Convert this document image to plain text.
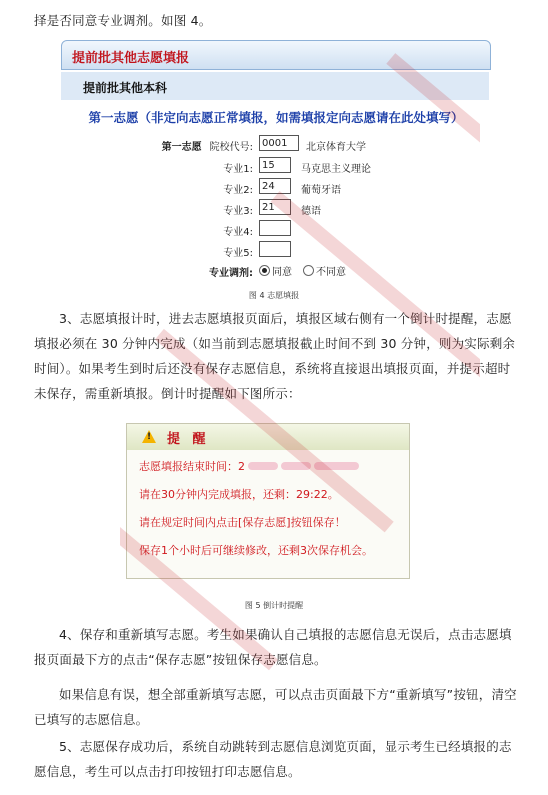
择是否同意专业调剂。如图 4。

提前批其他志愿填报
提前批其他本科
第一志愿（非定向志愿正常填报，如需填报定向志愿请在此处填写）
第一志愿 院校代号: 0001	北京体育大学
专业1: 15	马克思主义理论
专业2: 24	葡萄牙语
专业3: 21	德语
专业4:
专业5:
专业调剂:	同意	不同意
图 4 志愿填报

3、志愿填报计时，进去志愿填报页面后，填报区域右侧有一个倒计时提醒，志愿填报必须在 30 分钟内完成（如当前到志愿填报截止时间不到 30 分钟，则为实际剩余时间）。如果考生到时后还没有保存志愿信息，系统将直接退出填报页面，并提示超时未保存，需重新填报。倒计时提醒如下图所示：

! 提 醒
志愿填报结束时间：2
请在30分钟内完成填报，还剩：29:22。
请在规定时间内点击[保存志愿]按钮保存！
保存1个小时后可继续修改，还剩3次保存机会。
图 5 倒计时提醒

4、保存和重新填写志愿。考生如果确认自己填报的志愿信息无误后，点击志愿填报页面最下方的点击“保存志愿”按钮保存志愿信息。

如果信息有误，想全部重新填写志愿，可以点击页面最下方“重新填写”按钮，清空已填写的志愿信息。

5、志愿保存成功后，系统自动跳转到志愿信息浏览页面，显示考生已经填报的志愿信息，考生可以点击打印按钮打印志愿信息。
